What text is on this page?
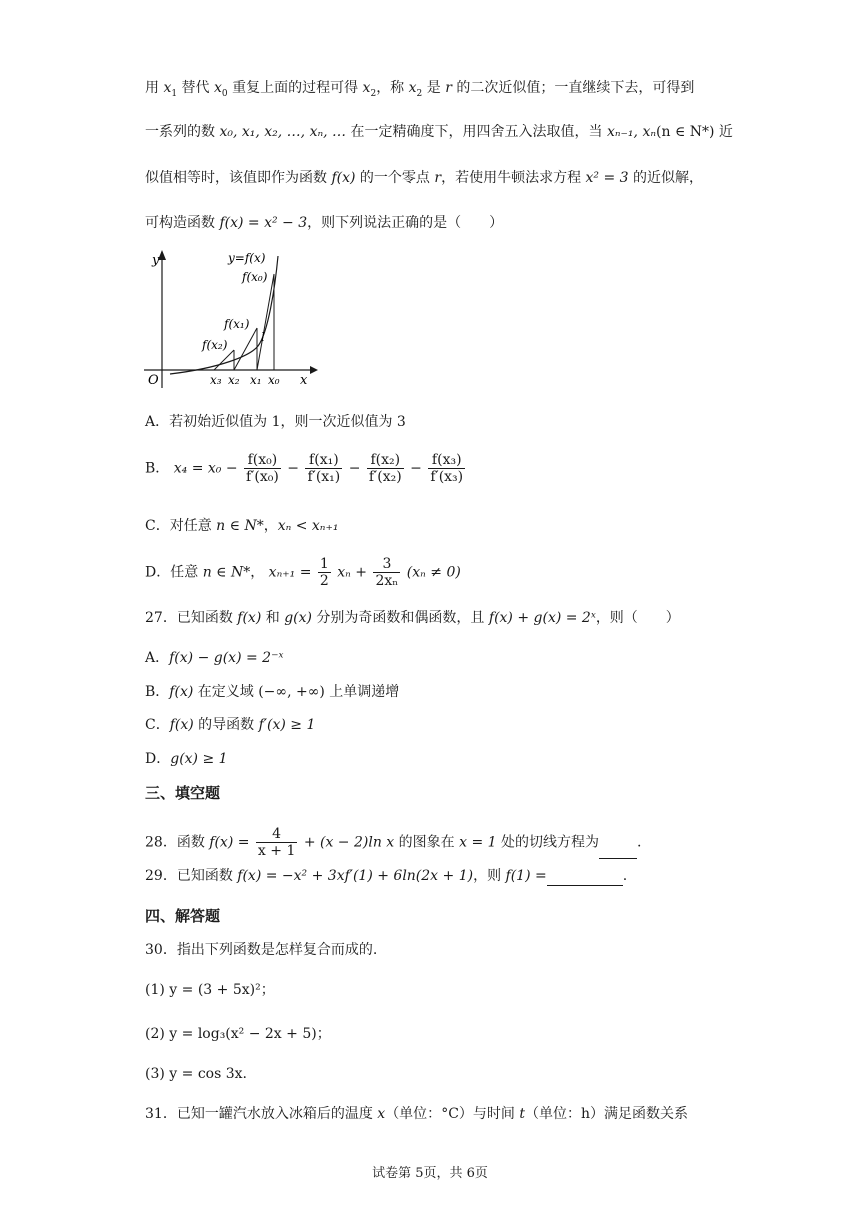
用 $x_1$ 替代 $x_0$ 重复上面的过程可得 $x_2$，称 $x_2$ 是 r 的二次近似值；一直继续下去，可得到
一系列的数 x₀, x₁, x₂, …, xₙ, … 在一定精确度下，用四舍五入法取值，当 xₙ₋₁, xₙ(n ∈ N*) 近
似值相等时，该值即作为函数 f(x) 的一个零点 r，若使用牛顿法求方程 x² = 3 的近似解，
可构造函数 f(x) = x² − 3，则下列说法正确的是（　　）
y	y=f(x)
f(x₀)
f(x₁)
f(x₂)
l
O	x
x₃ x₂ x₁ x₀
A．若初始近似值为 1，则一次近似值为 3
B． $x_4 = x_0 - \frac{\text{f(x₀)}}{\text{f′(x₀)}} - \frac{\text{f(x₁)}}{\text{f′(x₁)}} - \frac{\text{f(x₂)}}{\text{f′(x₂)}} - \frac{\text{f(x₃)}}{\text{f′(x₃)}}$
C．对任意 n ∈ N*，xₙ < xₙ₊₁
D．任意 n ∈ N*， $x_{n+1} = \frac{1}{2}$ $x_n + \frac{3}{\text{2xₙ}} (x_n \ne 0)$
27．已知函数 f(x) 和 g(x) 分别为奇函数和偶函数，且 f(x) + g(x) = 2ˣ，则（　　）
A．f(x) − g(x) = 2⁻ˣ
B．f(x) 在定义域 (−∞, +∞) 上单调递增
C．f(x) 的导函数 f′(x) ≥ 1
D．g(x) ≥ 1
三、填空题
28．函数 $f(x) = \frac{4}{x + 1} + (x - 2)\ln$ x 的图象在 x = 1 处的切线方程为	.
29．已知函数 f(x) = −x² + 3xf′(1) + 6ln(2x + 1)，则 f(1) =	.
四、解答题
30．指出下列函数是怎样复合而成的.
(1) y = (3 + 5x)²；
(2) y = log₃(x² − 2x + 5)；
(3) y = cos 3x.
31．已知一罐汽水放入冰箱后的温度 x（单位：°C）与时间 t（单位：h）满足函数关系
试卷第 5页，共 6页
